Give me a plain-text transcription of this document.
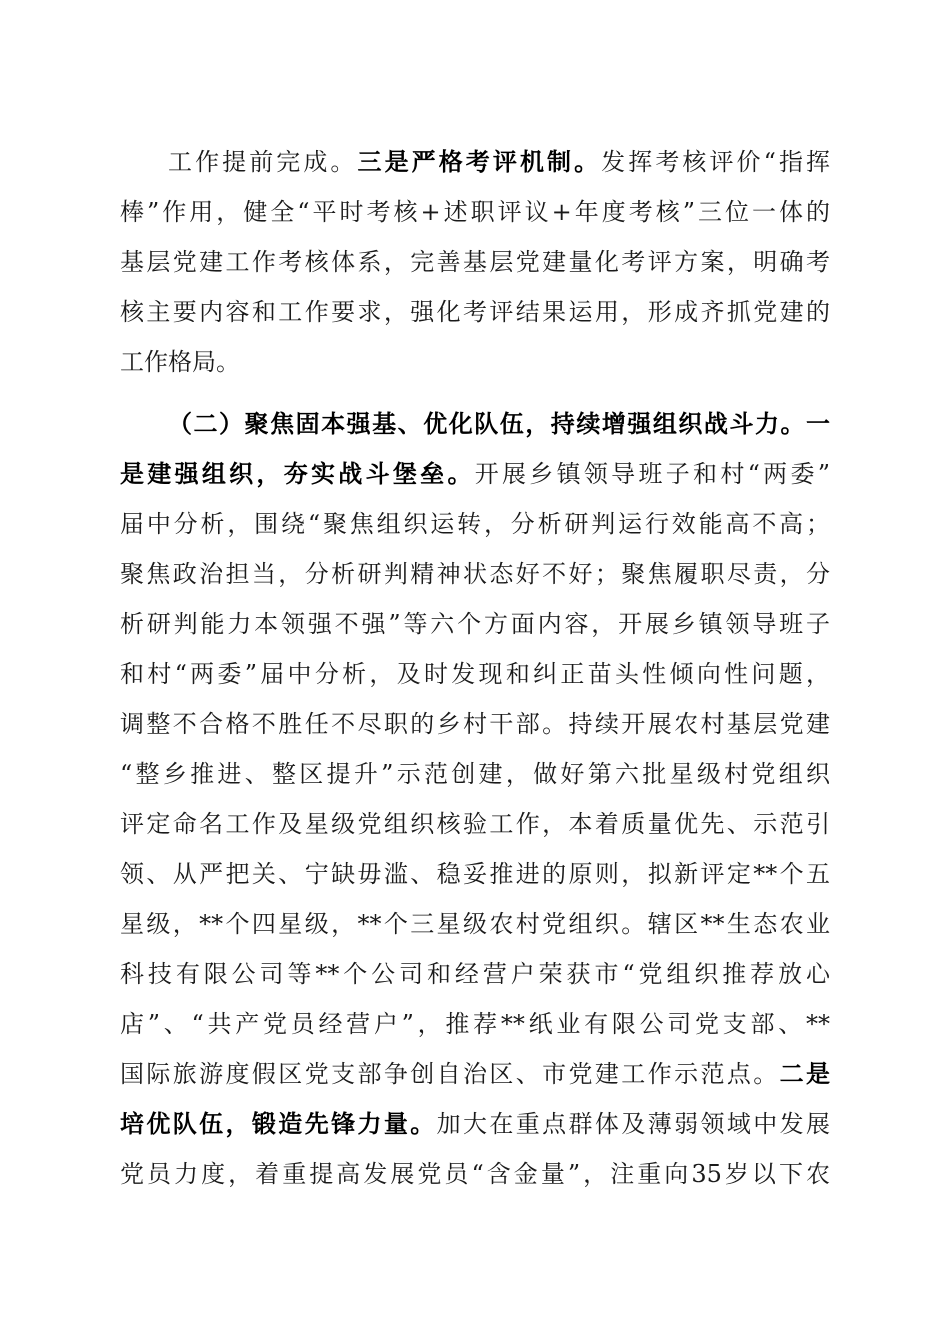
工作提前完成。三是严格考评机制。发挥考核评价“指挥
棒”作用，健全“平时考核+述职评议+年度考核”三位一体的
基层党建工作考核体系，完善基层党建量化考评方案，明确考
核主要内容和工作要求，强化考评结果运用，形成齐抓党建的
工作格局。
（二）聚焦固本强基、优化队伍，持续增强组织战斗力。一
是建强组织，夯实战斗堡垒。开展乡镇领导班子和村“两委”
届中分析，围绕“聚焦组织运转，分析研判运行效能高不高；
聚焦政治担当，分析研判精神状态好不好；聚焦履职尽责，分
析研判能力本领强不强”等六个方面内容，开展乡镇领导班子
和村“两委”届中分析，及时发现和纠正苗头性倾向性问题，
调整不合格不胜任不尽职的乡村干部。持续开展农村基层党建
“整乡推进、整区提升”示范创建，做好第六批星级村党组织
评定命名工作及星级党组织核验工作，本着质量优先、示范引
领、从严把关、宁缺毋滥、稳妥推进的原则，拟新评定**个五
星级，**个四星级，**个三星级农村党组织。辖区**生态农业
科技有限公司等**个公司和经营户荣获市“党组织推荐放心
店”、“共产党员经营户”，推荐**纸业有限公司党支部、**
国际旅游度假区党支部争创自治区、市党建工作示范点。二是
培优队伍，锻造先锋力量。加大在重点群体及薄弱领域中发展
党员力度，着重提高发展党员“含金量”，注重向35岁以下农
